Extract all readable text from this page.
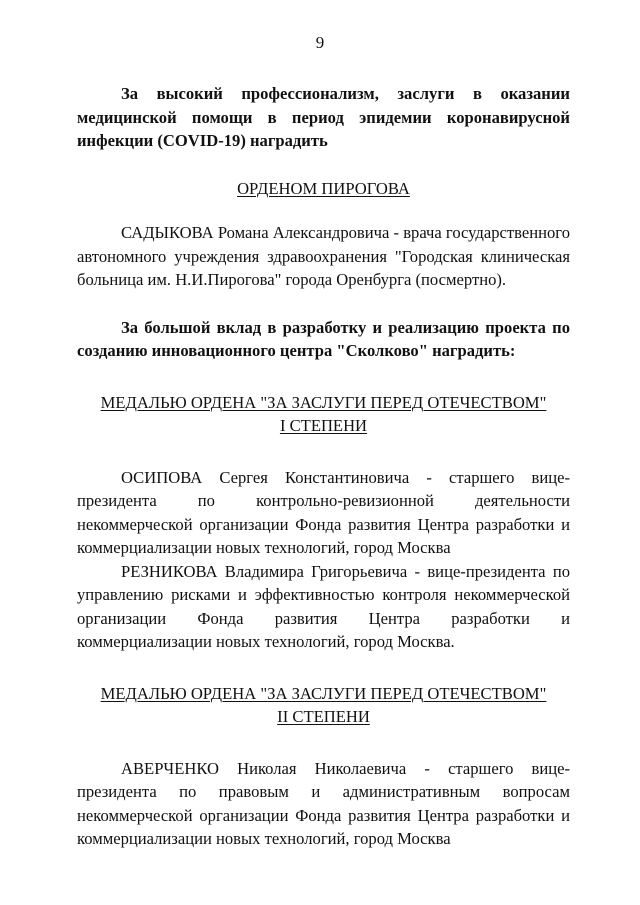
9

За высокий профессионализм, заслуги в оказании медицинской помощи в период эпидемии коронавирусной инфекции (COVID-19) наградить

ОРДЕНОМ ПИРОГОВА

САДЫКОВА Романа Александровича - врача государственного автономного учреждения здравоохранения "Городская клиническая больница им. Н.И.Пирогова" города Оренбурга (посмертно).

За большой вклад в разработку и реализацию проекта по созданию инновационного центра "Сколково" наградить:

МЕДАЛЬЮ ОРДЕНА "ЗА ЗАСЛУГИ ПЕРЕД ОТЕЧЕСТВОМ"

I СТЕПЕНИ

ОСИПОВА Сергея Константиновича - старшего вице-президента по контрольно-ревизионной деятельности некоммерческой организации Фонда развития Центра разработки и коммерциализации новых технологий, город Москва

РЕЗНИКОВА Владимира Григорьевича - вице-президента по управлению рисками и эффективностью контроля некоммерческой организации Фонда развития Центра разработки и коммерциализации новых технологий, город Москва.

МЕДАЛЬЮ ОРДЕНА "ЗА ЗАСЛУГИ ПЕРЕД ОТЕЧЕСТВОМ"

II СТЕПЕНИ

АВЕРЧЕНКО Николая Николаевича - старшего вице-президента по правовым и административным вопросам некоммерческой организации Фонда развития Центра разработки и коммерциализации новых технологий, город Москва
